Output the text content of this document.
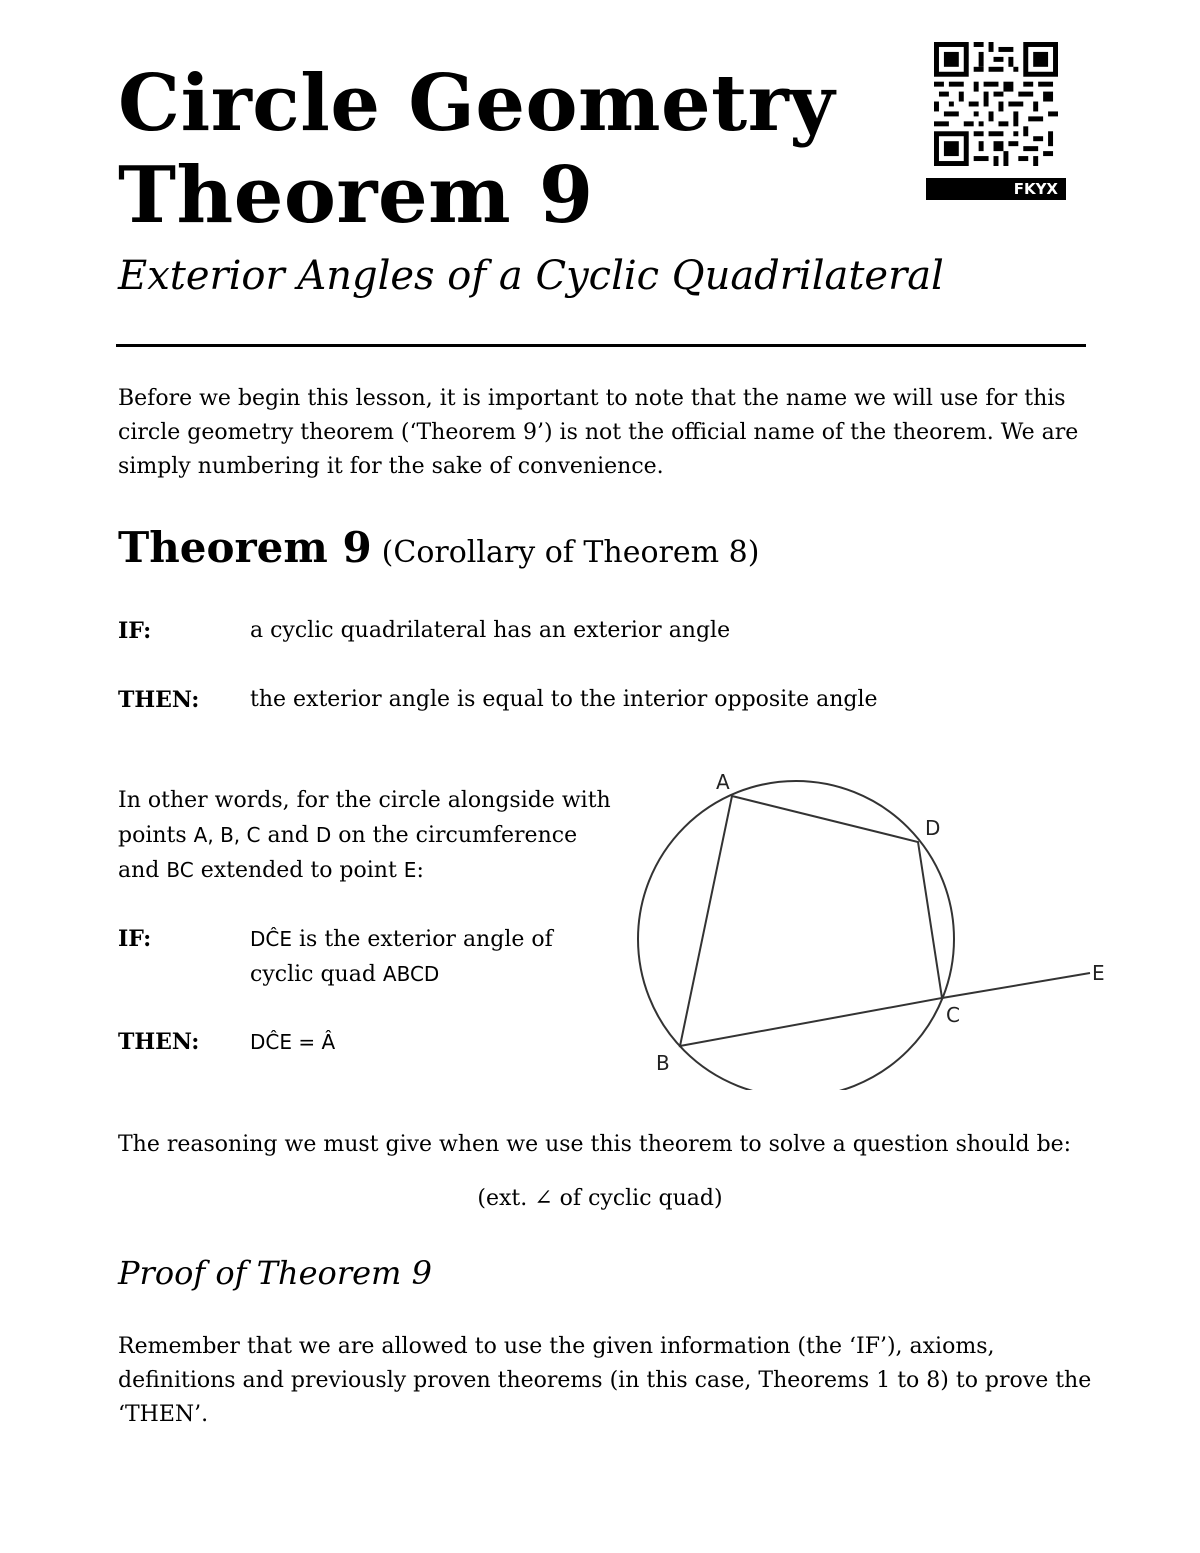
Circle Geometry
Theorem 9
Exterior Angles of a Cyclic Quadrilateral
FKYX

Before we begin this lesson, it is important to note that the name we will use for this circle geometry theorem (‘Theorem 9’) is not the official name of the theorem. We are simply numbering it for the sake of convenience.

Theorem 9 (Corollary of Theorem 8)
IF:	a cyclic quadrilateral has an exterior angle
THEN: the exterior angle is equal to the interior opposite angle

In other words, for the circle alongside with points A, B, C and D on the circumference and BC extended to point E:

IF:	DĈE is the exterior angle of
cyclic quad ABCD
THEN:	DĈE = Â
A
D
C
B
E

The reasoning we must give when we use this theorem to solve a question should be:

(ext. ∠ of cyclic quad)
Proof of Theorem 9

Remember that we are allowed to use the given information (the ‘IF’), axioms, definitions and previously proven theorems (in this case, Theorems 1 to 8) to prove the ‘THEN’.
